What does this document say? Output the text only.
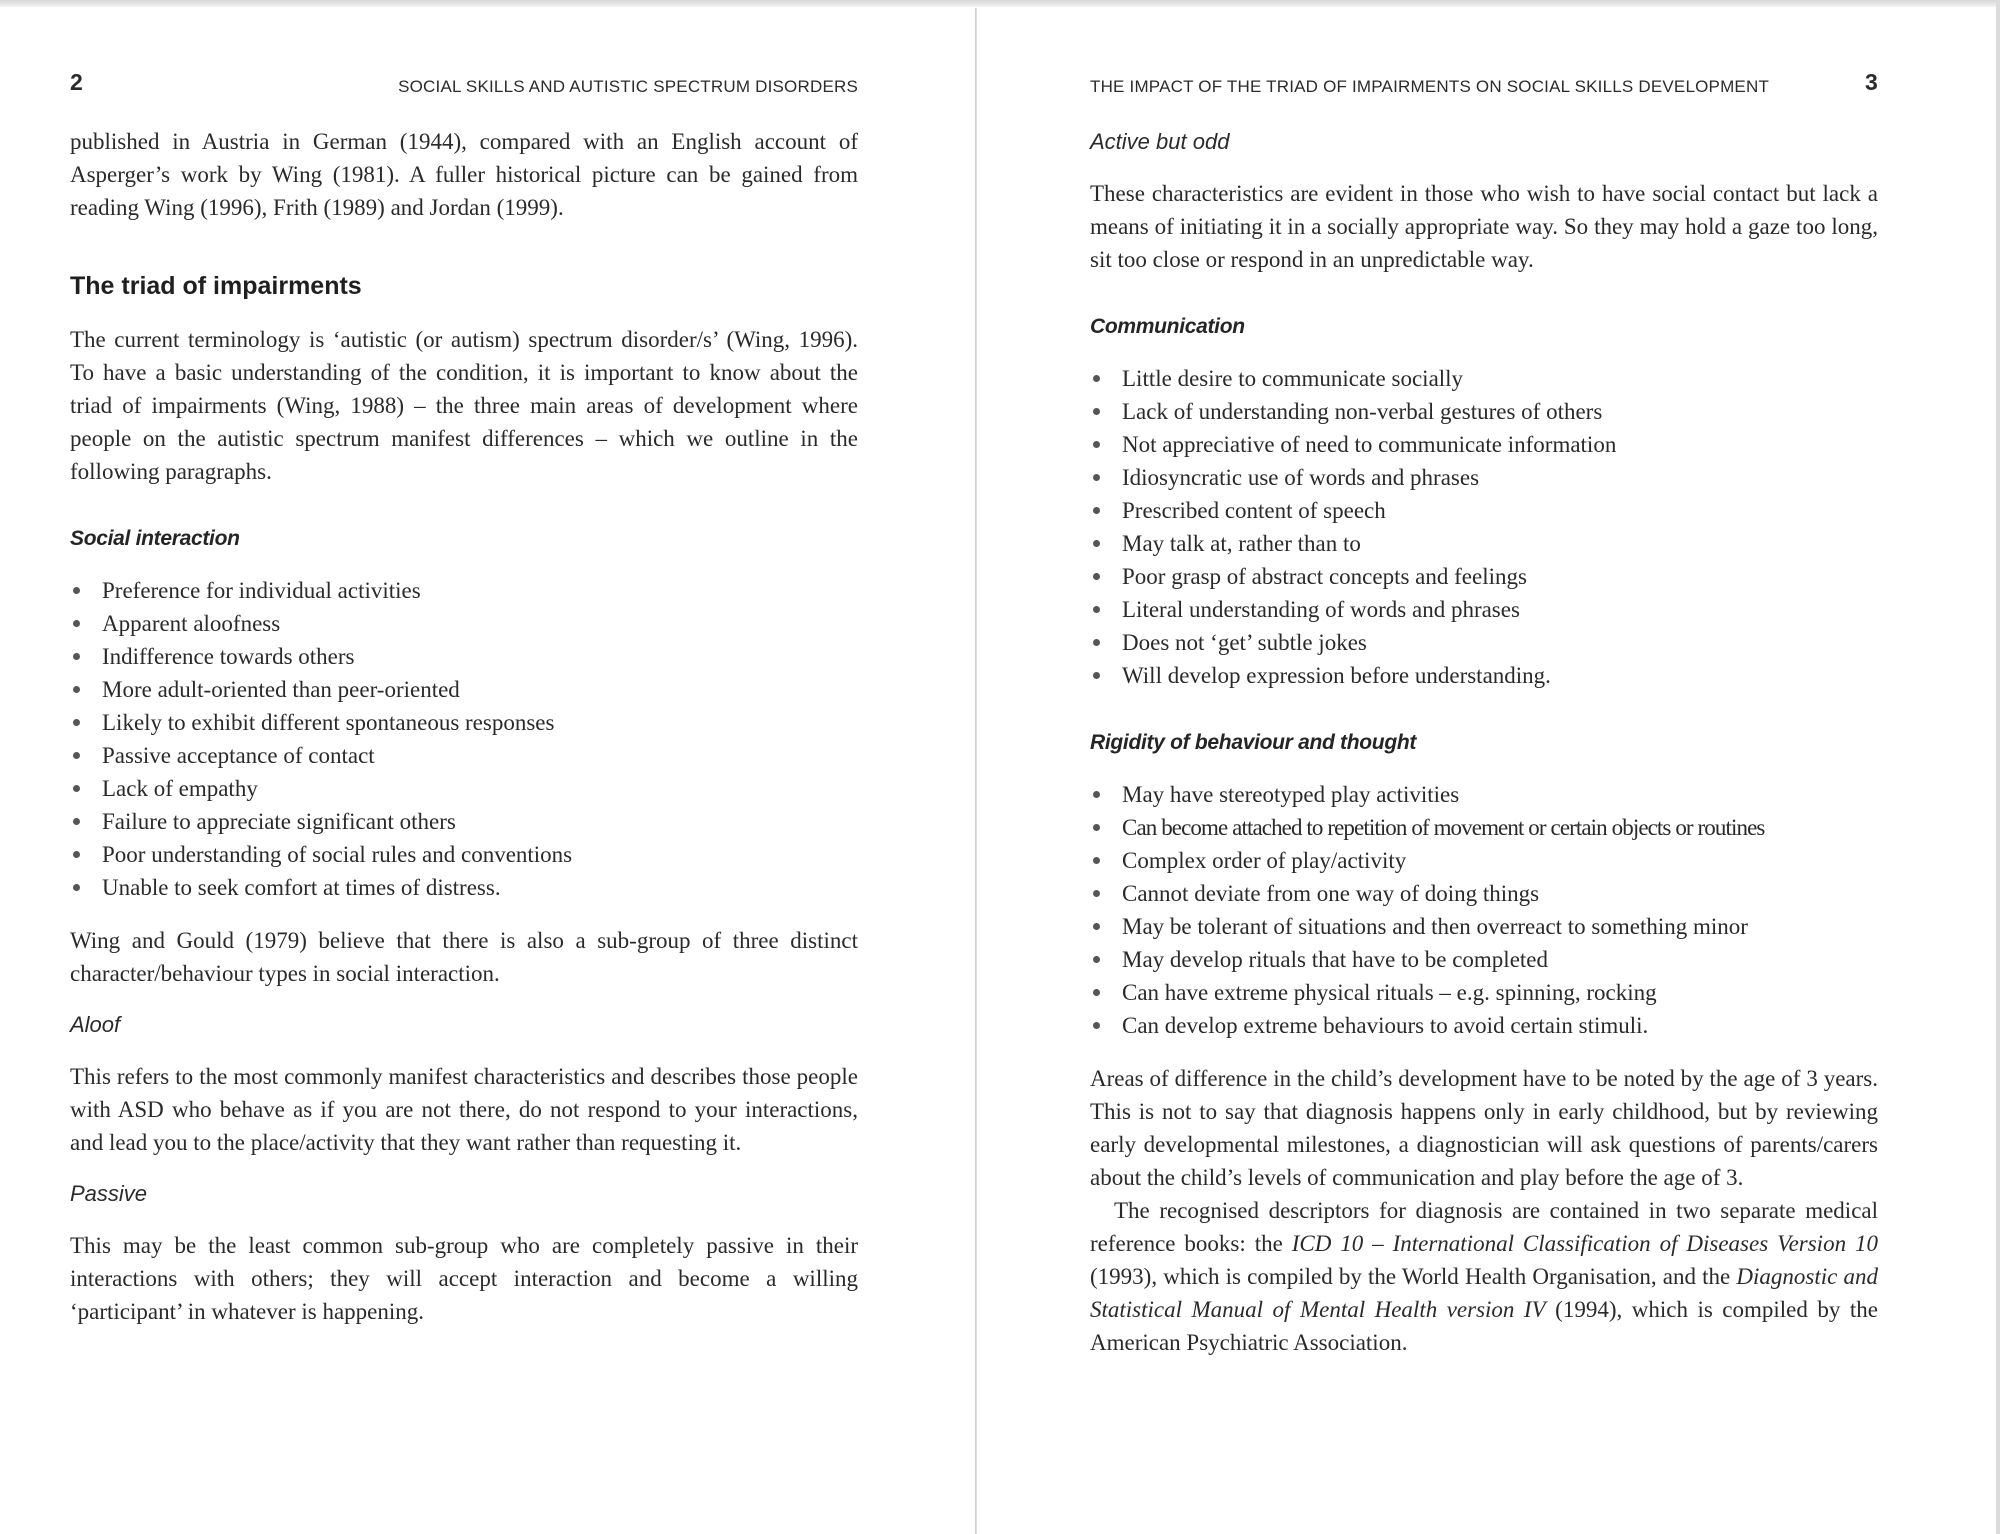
2	SOCIAL SKILLS AND AUTISTIC SPECTRUM DISORDERS

published in Austria in German (1944), compared with an English account of Asperger’s work by Wing (1981). A fuller historical picture can be gained from reading Wing (1996), Frith (1989) and Jordan (1999).

The triad of impairments

The current terminology is ‘autistic (or autism) spectrum disorder/s’ (Wing, 1996). To have a basic understanding of the condition, it is important to know about the triad of impairments (Wing, 1988) – the three main areas of development where people on the autistic spectrum manifest differences – which we outline in the following paragraphs.

Social interaction
Preference for individual activities
Apparent aloofness
Indifference towards others
More adult-oriented than peer-oriented
Likely to exhibit different spontaneous responses
Passive acceptance of contact
Lack of empathy
Failure to appreciate significant others
Poor understanding of social rules and conventions
Unable to seek comfort at times of distress.

Wing and Gould (1979) believe that there is also a sub-group of three distinct character/behaviour types in social interaction.

Aloof

This refers to the most commonly manifest characteristics and describes those people with ASD who behave as if you are not there, do not respond to your interactions, and lead you to the place/activity that they want rather than requesting it.

Passive

This may be the least common sub-group who are completely passive in their interactions with others; they will accept interaction and become a willing ‘participant’ in whatever is happening.

THE IMPACT OF THE TRIAD OF IMPAIRMENTS ON SOCIAL SKILLS DEVELOPMENT	3
Active but odd

These characteristics are evident in those who wish to have social contact but lack a means of initiating it in a socially appropriate way. So they may hold a gaze too long, sit too close or respond in an unpredictable way.

Communication
Little desire to communicate socially
Lack of understanding non-verbal gestures of others
Not appreciative of need to communicate information
Idiosyncratic use of words and phrases
Prescribed content of speech
May talk at, rather than to
Poor grasp of abstract concepts and feelings
Literal understanding of words and phrases
Does not ‘get’ subtle jokes
Will develop expression before understanding.
Rigidity of behaviour and thought
May have stereotyped play activities
Can become attached to repetition of movement or certain objects or routines
Complex order of play/activity
Cannot deviate from one way of doing things
May be tolerant of situations and then overreact to something minor
May develop rituals that have to be completed
Can have extreme physical rituals – e.g. spinning, rocking
Can develop extreme behaviours to avoid certain stimuli.

Areas of difference in the child’s development have to be noted by the age of 3 years. This is not to say that diagnosis happens only in early childhood, but by reviewing early developmental milestones, a diagnostician will ask questions of parents/carers about the child’s levels of communication and play before the age of 3.

The recognised descriptors for diagnosis are contained in two separate medical reference books: the ICD 10 – International Classification of Diseases Version 10 (1993), which is compiled by the World Health Organisation, and the Diagnostic and Statistical Manual of Mental Health version IV (1994), which is compiled by the American Psychiatric Association.
